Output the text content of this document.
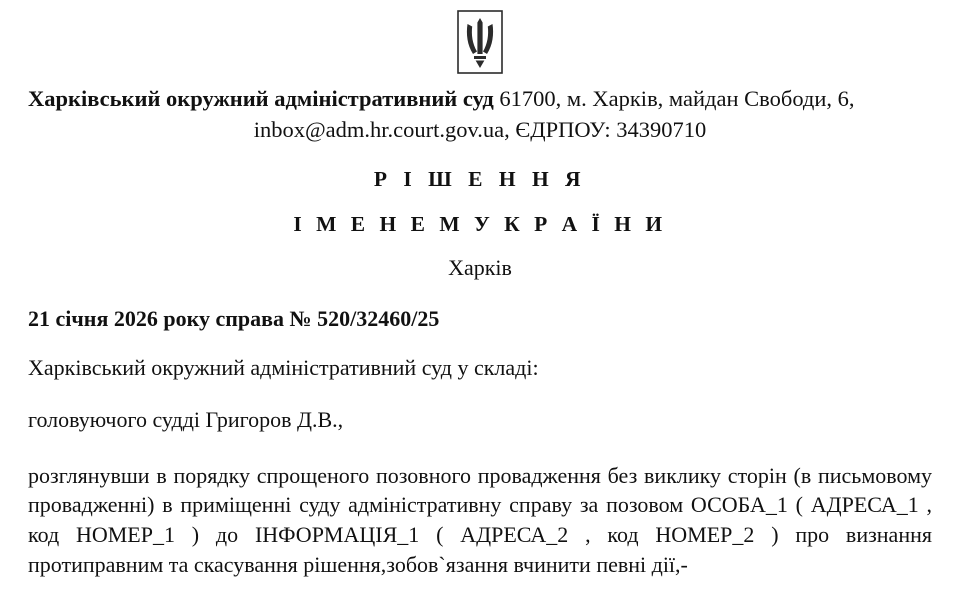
Харківський окружний адміністративний суд 61700, м. Харків, майдан Свободи, 6,
inbox@adm.hr.court.gov.ua, ЄДРПОУ: 34390710
Р І Ш Е Н Н Я
І М Е Н Е М У К Р А Ї Н И
Харків
21 січня 2026 року справа № 520/32460/25
Харківський окружний адміністративний суд у складі:
головуючого суддi Григоров Д.В.,
розглянувши в порядку спрощеного позовного провадження без виклику сторін (в письмовому провадженні) в приміщенні суду адміністративну справу за позовом ОСОБА_1 ( АДРЕСА_1 , код НОМЕР_1 ) до ІНФОРМАЦІЯ_1 ( АДРЕСА_2 , код НОМЕР_2 ) про визнання протиправним та скасування рішення,зобов`язання вчинити певні дії,-
